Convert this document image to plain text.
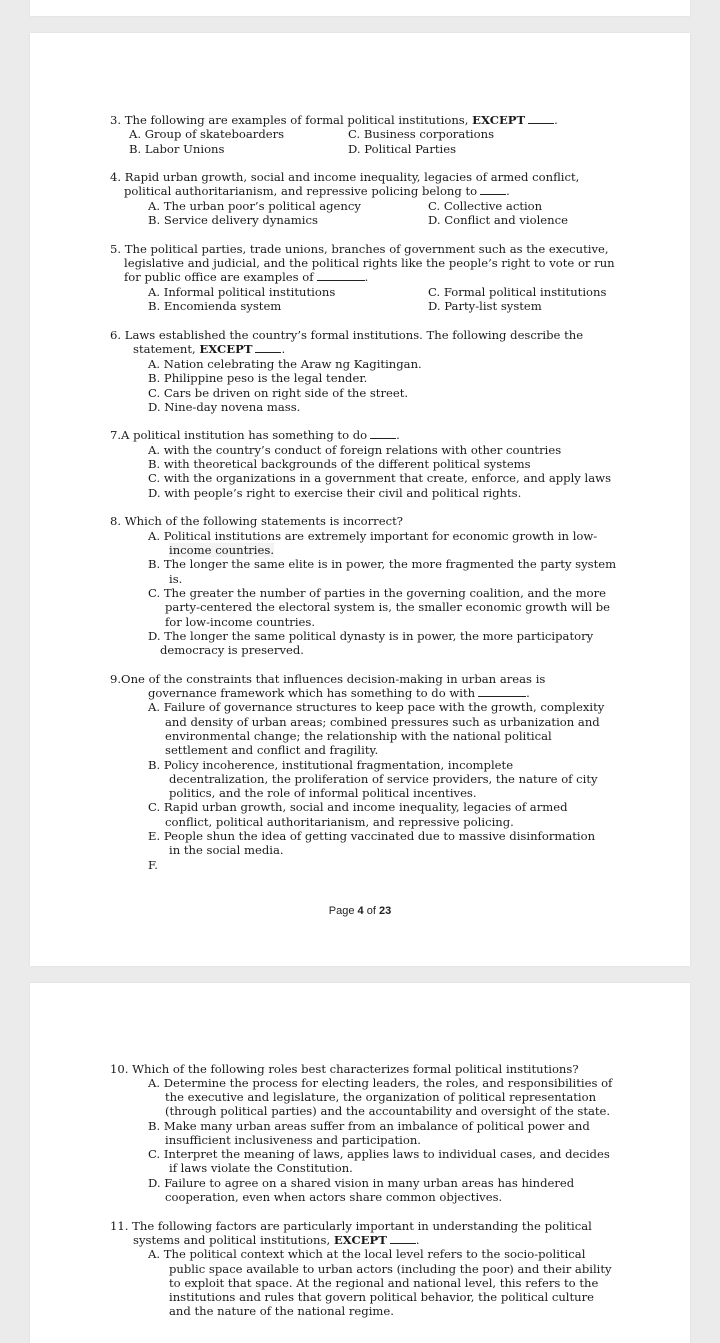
3. The following are examples of formal political institutions, EXCEPT	.
A. Group of skateboarders	C. Business corporations
B. Labor Unions	D. Political Parties
4. Rapid urban growth, social and income inequality, legacies of armed conflict,
political authoritarianism, and repressive policing belong to	.
A. The urban poor’s political agency	C. Collective action
B. Service delivery dynamics	D. Conflict and violence
5. The political parties, trade unions, branches of government such as the executive,
legislative and judicial, and the political rights like the people’s right to vote or run
for public office are examples of	.
A. Informal political institutions	C. Formal political institutions
B. Encomienda system	D. Party-list system
6. Laws established the country’s formal institutions. The following describe the
statement, EXCEPT	.
A. Nation celebrating the Araw ng Kagitingan.
B. Philippine peso is the legal tender.
C. Cars be driven on right side of the street.
D. Nine-day novena mass.
7.A political institution has something to do	.
A. with the country’s conduct of foreign relations with other countries
B. with theoretical backgrounds of the different political systems
C. with the organizations in a government that create, enforce, and apply laws
D. with people’s right to exercise their civil and political rights.
8. Which of the following statements is incorrect?
A. Political institutions are extremely important for economic growth in low-
income countries.
B. The longer the same elite is in power, the more fragmented the party system
is.
C. The greater the number of parties in the governing coalition, and the more
party-centered the electoral system is, the smaller economic growth will be
for low-income countries.
D. The longer the same political dynasty is in power, the more participatory
democracy is preserved.
9.One of the constraints that influences decision-making in urban areas is
governance framework which has something to do with	.
A. Failure of governance structures to keep pace with the growth, complexity
and density of urban areas; combined pressures such as urbanization and
environmental change; the relationship with the national political
settlement and conflict and fragility.
B. Policy incoherence, institutional fragmentation, incomplete
decentralization, the proliferation of service providers, the nature of city
politics, and the role of informal political incentives.
C. Rapid urban growth, social and income inequality, legacies of armed
conflict, political authoritarianism, and repressive policing.
E. People shun the idea of getting vaccinated due to massive disinformation
in the social media.
F.
Page 4 of 23
10. Which of the following roles best characterizes formal political institutions?
A. Determine the process for electing leaders, the roles, and responsibilities of
the executive and legislature, the organization of political representation
(through political parties) and the accountability and oversight of the state.
B. Make many urban areas suffer from an imbalance of political power and
insufficient inclusiveness and participation.
C. Interpret the meaning of laws, applies laws to individual cases, and decides
if laws violate the Constitution.
D. Failure to agree on a shared vision in many urban areas has hindered
cooperation, even when actors share common objectives.
11. The following factors are particularly important in understanding the political
systems and political institutions, EXCEPT	.
A. The political context which at the local level refers to the socio-political
public space available to urban actors (including the poor) and their ability
to exploit that space. At the regional and national level, this refers to the
institutions and rules that govern political behavior, the political culture
and the nature of the national regime.
